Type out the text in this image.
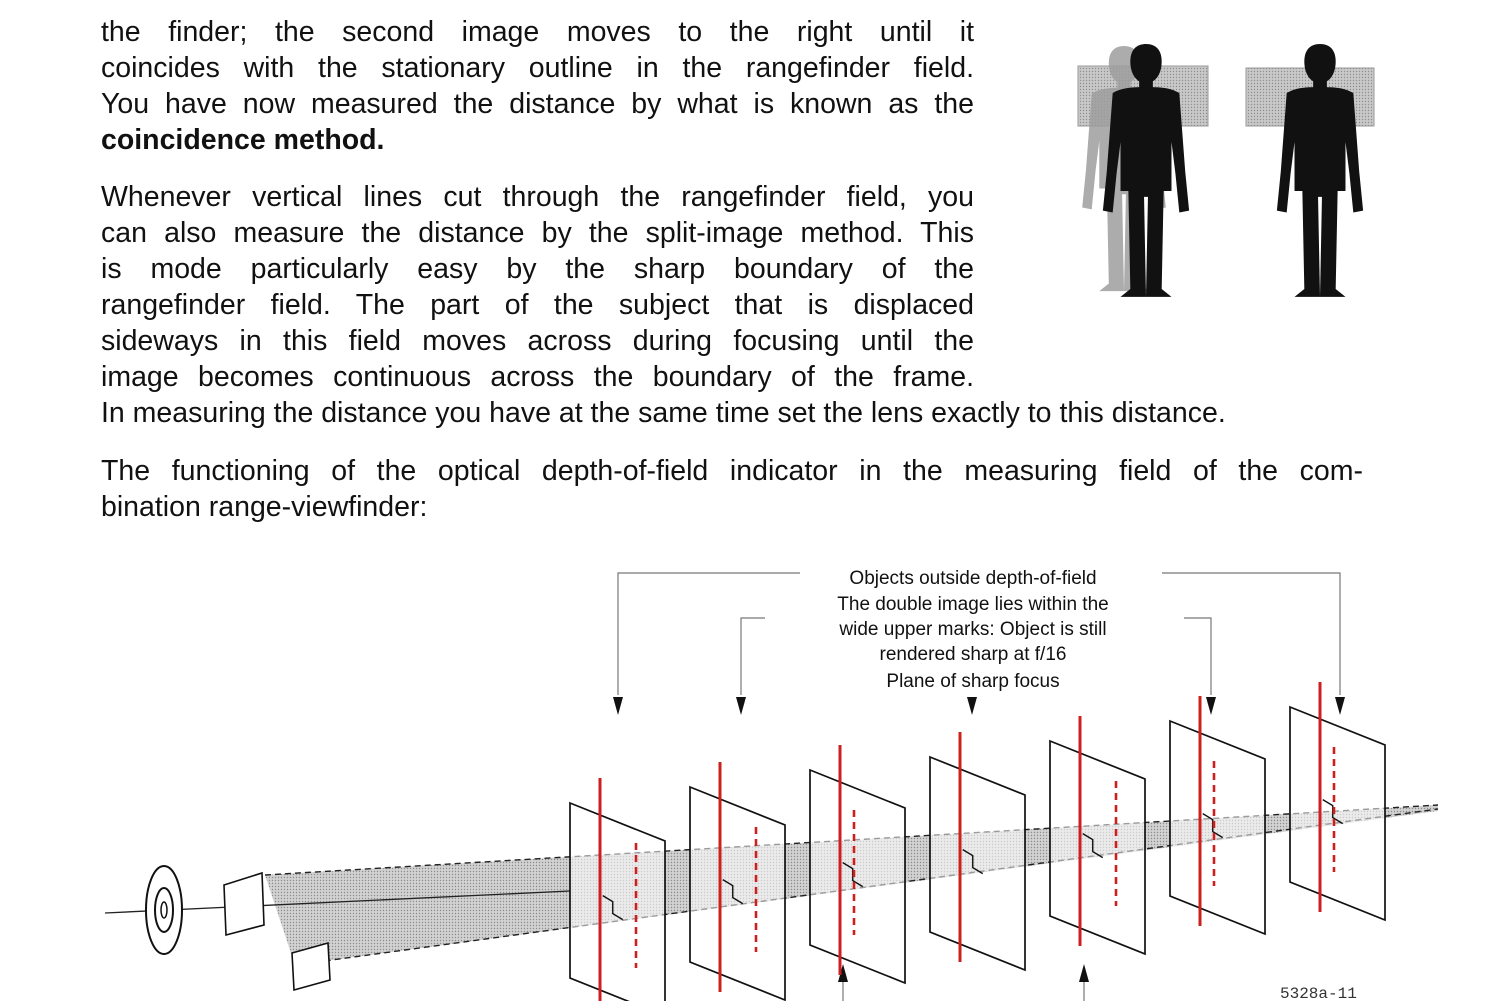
the finder; the second image moves to the right until it
coincides with the stationary outline in the rangefinder field.
You have now measured the distance by what is known as the
coincidence method.
Whenever vertical lines cut through the rangefinder field, you
can also measure the distance by the split-image method. This
is mode particularly easy by the sharp boundary of the
rangefinder field. The part of the subject that is displaced
sideways in this field moves across during focusing until the
image becomes continuous across the boundary of the frame.
In measuring the distance you have at the same time set the lens exactly to this distance.
The functioning of the optical depth-of-field indicator in the measuring field of the com-
bination range-viewfinder:
Objects outside depth-of-field
The double image lies within the
wide upper marks: Object is still
rendered sharp at f/16
Plane of sharp focus
5328a-11
